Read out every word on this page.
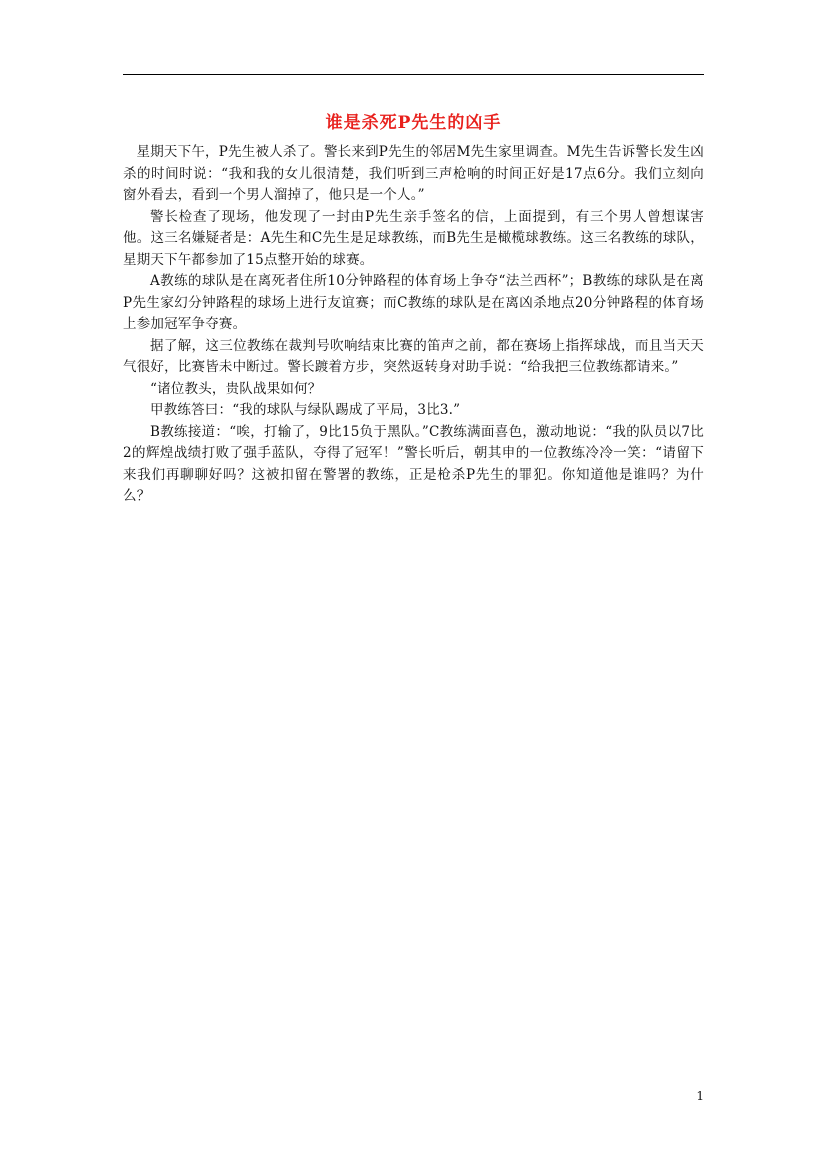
谁是杀死P先生的凶手

星期天下午，P先生被人杀了。警长来到P先生的邻居M先生家里调查。M先生告诉警长发生凶杀的时间时说：“我和我的女儿很清楚，我们听到三声枪响的时间正好是17点6分。我们立刻向窗外看去，看到一个男人溜掉了，他只是一个人。”

警长检查了现场，他发现了一封由P先生亲手签名的信，上面提到，有三个男人曾想谋害他。这三名嫌疑者是：A先生和C先生是足球教练，而B先生是橄榄球教练。这三名教练的球队，星期天下午都参加了15点整开始的球赛。

A教练的球队是在离死者住所10分钟路程的体育场上争夺“法兰西杯”；B教练的球队是在离P先生家幻分钟路程的球场上进行友谊赛；而C教练的球队是在离凶杀地点20分钟路程的体育场上参加冠军争夺赛。

据了解，这三位教练在裁判号吹响结束比赛的笛声之前，都在赛场上指挥球战，而且当天天气很好，比赛皆未中断过。警长踱着方步，突然返转身对助手说：“给我把三位教练都请来。”

“诸位教头，贵队战果如何？

甲教练答曰：“我的球队与绿队踢成了平局，3比3.”

B教练接道：“唉，打输了，9比15负于黑队。”C教练满面喜色，激动地说：“我的队员以7比2的辉煌战绩打败了强手蓝队，夺得了冠军！”警长听后，朝其申的一位教练冷冷一笑：“请留下来我们再聊聊好吗？这被扣留在警署的教练，正是枪杀P先生的罪犯。你知道他是谁吗？为什么？

1
